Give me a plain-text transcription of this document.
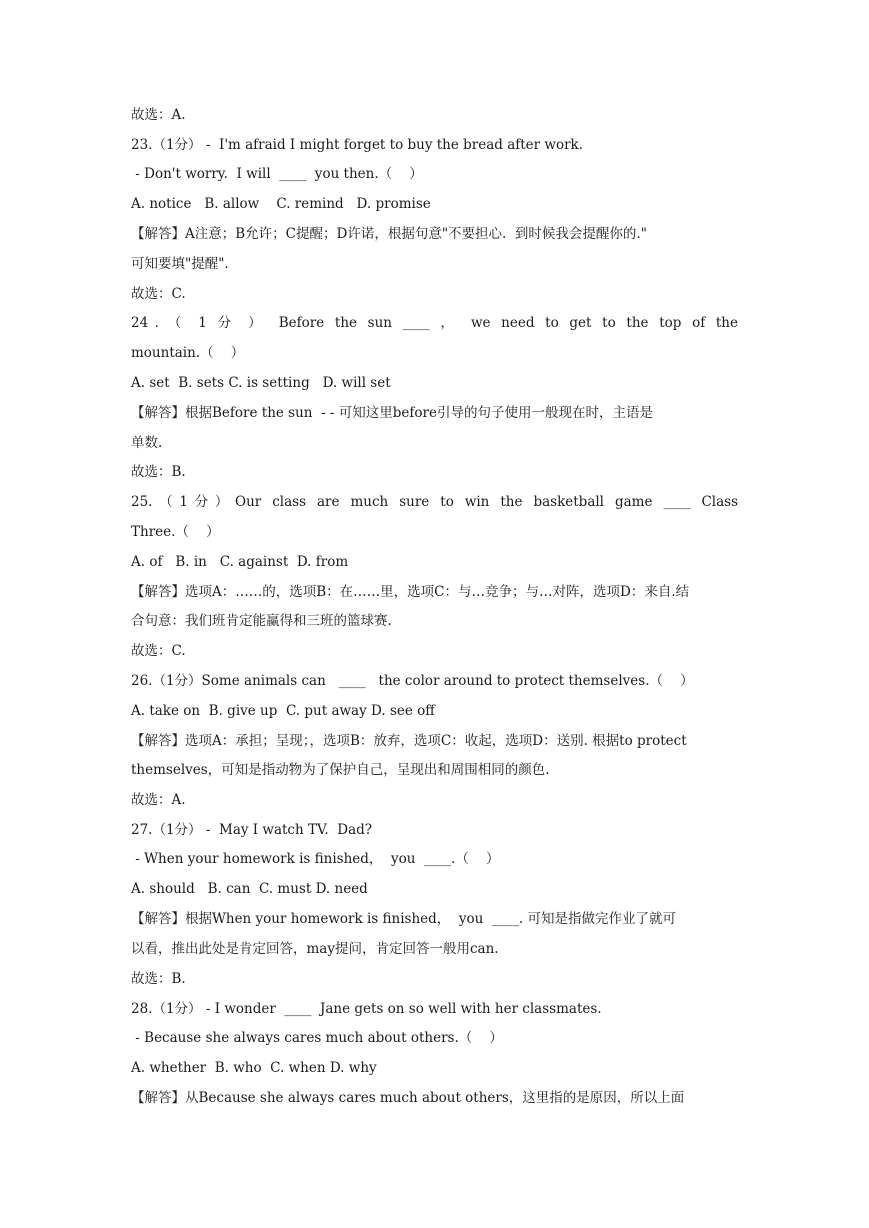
故选：A.
23.（1分） -  I'm afraid I might forget to buy the bread after work.
- Don't worry.  I will  ____  you then.（    ）
A. notice   B. allow    C. remind   D. promise
【解答】A注意；B允许；C提醒；D许诺，根据句意"不要担心.  到时候我会提醒你的."
可知要填"提醒".
故选：C.
24．（ 1 分 ） Before the sun ____ ， we need to get to the top of the
mountain.（    ）
A. set  B. sets C. is setting   D. will set
【解答】根据Before the sun  - - 可知这里before引导的句子使用一般现在时，主语是
单数.
故选：B.
25.（1分）Our class are much sure to win the basketball game ____ Class
Three.（    ）
A. of   B. in   C. against  D. from
【解答】选项A：……的，选项B：在……里，选项C：与…竞争；与…对阵，选项D：来自.结
合句意：我们班肯定能赢得和三班的篮球赛.
故选：C.
26.（1分）Some animals can   ____   the color around to protect themselves.（    ）
A. take on  B. give up  C. put away D. see off
【解答】选项A：承担；呈现；，选项B：放弃，选项C：收起，选项D：送别. 根据to protect
themselves，可知是指动物为了保护自己，呈现出和周围相同的颜色.
故选：A.
27.（1分） -  May I watch TV.  Dad?
- When your homework is finished，  you  ____.（    ）
A. should   B. can  C. must D. need
【解答】根据When your homework is finished，  you  ____. 可知是指做完作业了就可
以看，推出此处是肯定回答，may提问，肯定回答一般用can.
故选：B.
28.（1分） - I wonder  ____  Jane gets on so well with her classmates.
- Because she always cares much about others.（    ）
A. whether  B. who  C. when D. why
【解答】从Because she always cares much about others，这里指的是原因，所以上面
